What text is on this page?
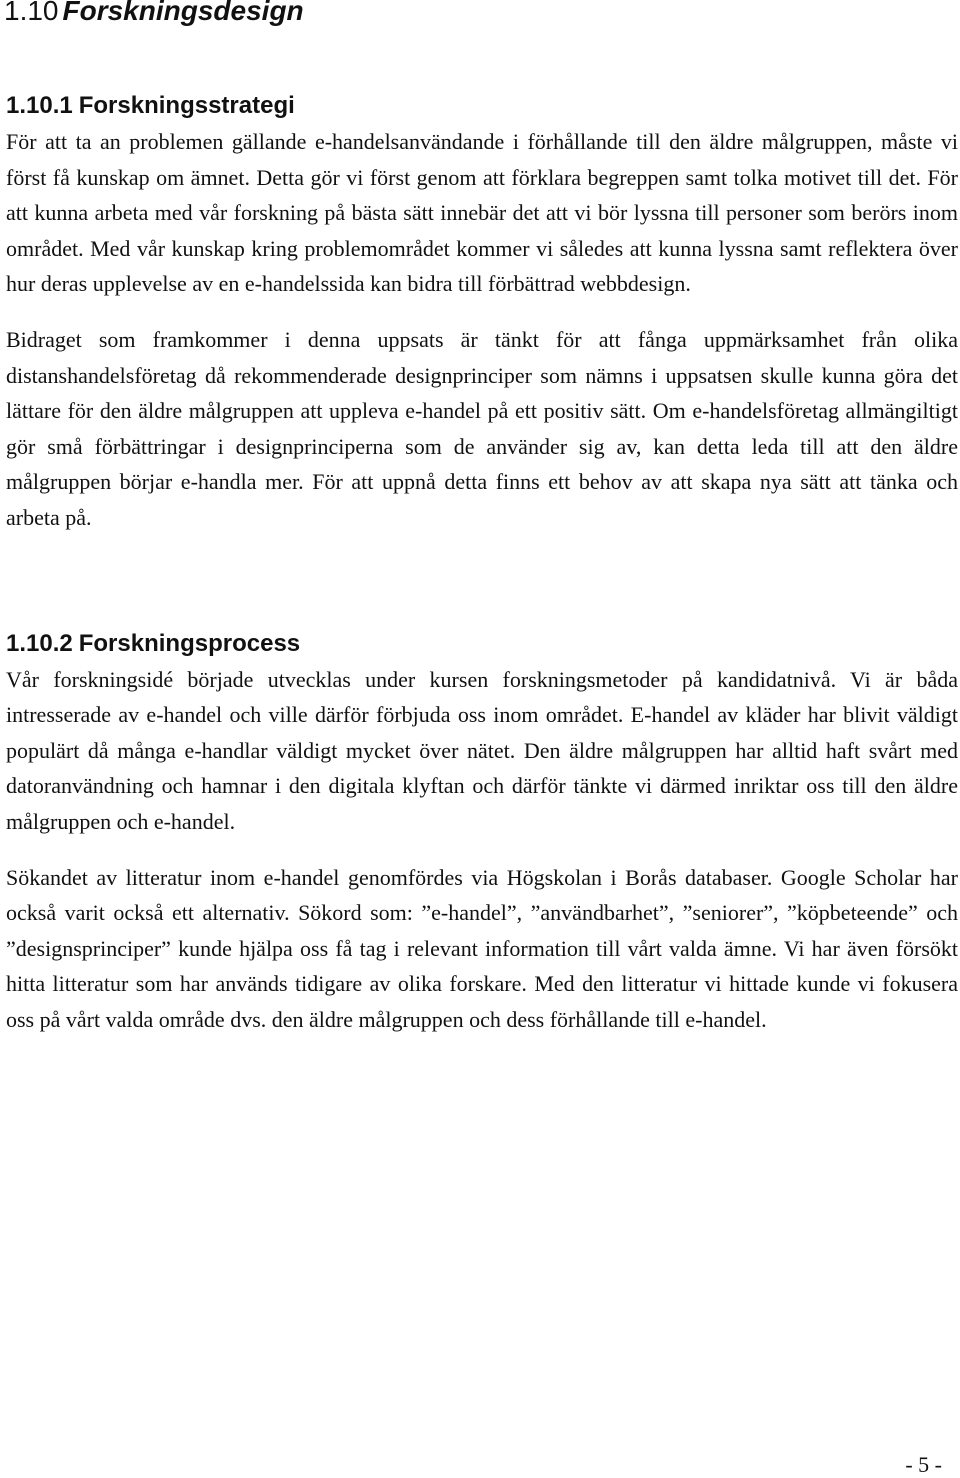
1.10 Forskningsdesign
1.10.1 Forskningsstrategi

För att ta an problemen gällande e-handelsanvändande i förhållande till den äldre målgruppen, måste vi först få kunskap om ämnet. Detta gör vi först genom att förklara begreppen samt tolka motivet till det. För att kunna arbeta med vår forskning på bästa sätt innebär det att vi bör lyssna till personer som berörs inom området. Med vår kunskap kring problemområdet kommer vi således att kunna lyssna samt reflektera över hur deras upplevelse av en e-handelssida kan bidra till förbättrad webbdesign.

Bidraget som framkommer i denna uppsats är tänkt för att fånga uppmärksamhet från olika distanshandelsföretag då rekommenderade designprinciper som nämns i uppsatsen skulle kunna göra det lättare för den äldre målgruppen att uppleva e-handel på ett positiv sätt. Om e-handelsföretag allmängiltigt gör små förbättringar i designprinciperna som de använder sig av, kan detta leda till att den äldre målgruppen börjar e-handla mer. För att uppnå detta finns ett behov av att skapa nya sätt att tänka och arbeta på.

1.10.2 Forskningsprocess

Vår forskningsidé började utvecklas under kursen forskningsmetoder på kandidatnivå. Vi är båda intresserade av e-handel och ville därför förbjuda oss inom området. E-handel av kläder har blivit väldigt populärt då många e-handlar väldigt mycket över nätet. Den äldre målgruppen har alltid haft svårt med datoranvändning och hamnar i den digitala klyftan och därför tänkte vi därmed inriktar oss till den äldre målgruppen och e-handel.

Sökandet av litteratur inom e-handel genomfördes via Högskolan i Borås databaser. Google Scholar har också varit också ett alternativ. Sökord som: ”e-handel”, ”användbarhet”, ”seniorer”, ”köpbeteende” och ”designsprinciper” kunde hjälpa oss få tag i relevant information till vårt valda ämne. Vi har även försökt hitta litteratur som har används tidigare av olika forskare. Med den litteratur vi hittade kunde vi fokusera oss på vårt valda område dvs. den äldre målgruppen och dess förhållande till e-handel.

- 5 -
